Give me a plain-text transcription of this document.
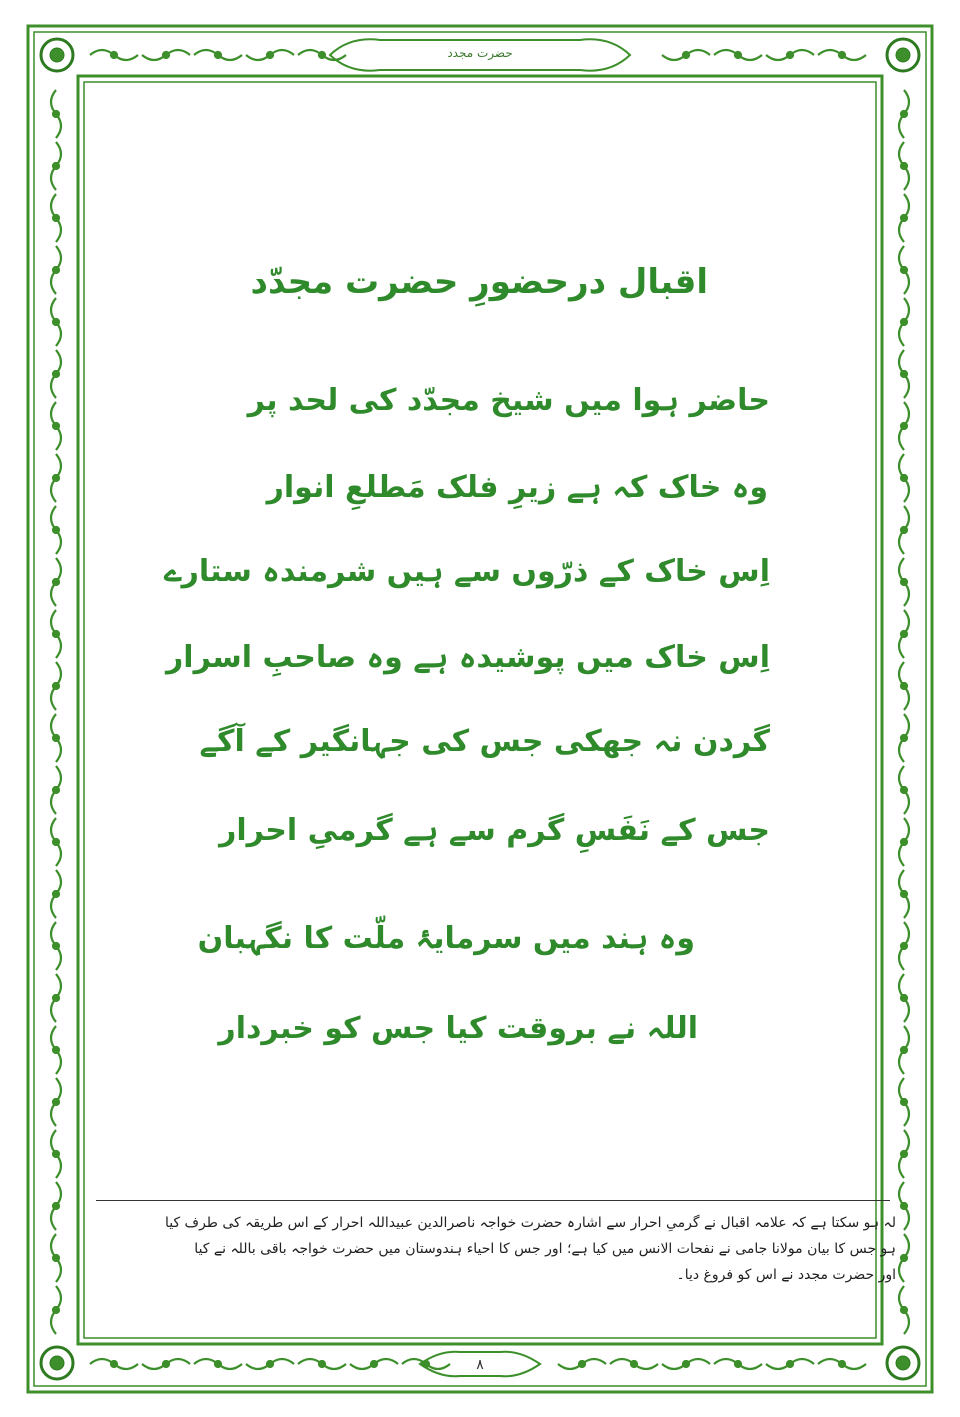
حضرت مجدد
اقبال درحضورِ حضرت مجدّد
حاضر ہوا میں شیخ مجدّد کی لحد پر
وہ خاک کہ ہے زیرِ فلک مَطلعِ انوار
اِس خاک کے ذرّوں سے ہیں شرمندہ ستارے
اِس خاک میں پوشیدہ ہے وہ صاحبِ اسرار
گردن نہ جھکی جس کی جہانگیر کے آگے
جس کے نَفَسِ گرم سے ہے گرمیِ احرار
وہ ہند میں سرمایۂ ملّت کا نگہبان
اللہ نے بروقت کیا جس کو خبردار
لہ ہو سکتا ہے کہ علامہ اقبال نے گرمیِ احرار سے اشارہ حضرت خواجہ ناصرالدین عبیداللہ احرار کے اس طریقہ کی طرف کیا
ہو جس کا بیان مولانا جامی نے نفحات الانس میں کیا ہے؛ اور جس کا احیاء ہندوستان میں حضرت خواجہ باقی باللہ نے کیا
اور حضرت مجدد نے اس کو فروغ دیا۔
۸
